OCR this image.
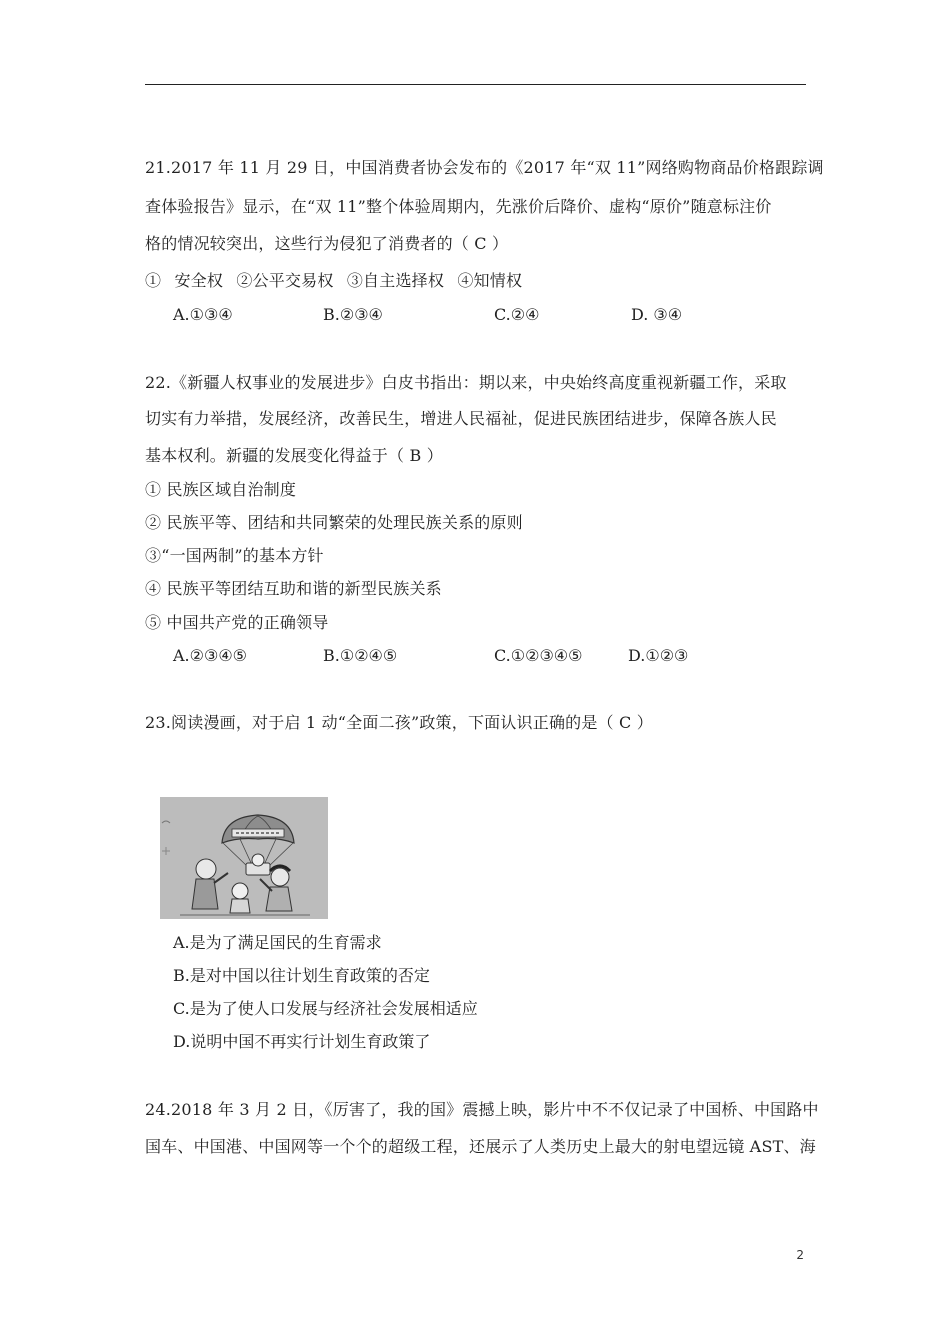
21.2017 年 11 月 29 日，中国消费者协会发布的《2017 年“双 11”网络购物商品价格跟踪调
查体验报告》显示，在“双 11”整个体验周期内，先涨价后降价、虚构“原价”随意标注价
格的情况较突出，这些行为侵犯了消费者的（ C ）
① 安全权 ②公平交易权 ③自主选择权 ④知情权
A.①③④	B.②③④	C.②④	D. ③④
22.《新疆人权事业的发展进步》白皮书指出：期以来，中央始终高度重视新疆工作，采取
切实有力举措，发展经济，改善民生，增进人民福祉，促进民族团结进步，保障各族人民
基本权利。新疆的发展变化得益于（ B ）
① 民族区域自治制度
② 民族平等、团结和共同繁荣的处理民族关系的原则
③“一国两制”的基本方针
④ 民族平等团结互助和谐的新型民族关系
⑤ 中国共产党的正确领导
A.②③④⑤	B.①②④⑤	C.①②③④⑤	D.①②③
23.阅读漫画，对于启 1 动“全面二孩”政策，下面认识正确的是（ C ）
A.是为了满足国民的生育需求
B.是对中国以往计划生育政策的否定
C.是为了使人口发展与经济社会发展相适应
D.说明中国不再实行计划生育政策了
24.2018 年 3 月 2 日，《厉害了，我的国》震撼上映，影片中不不仅记录了中国桥、中国路中
国车、中国港、中国网等一个个的超级工程，还展示了人类历史上最大的射电望远镜 AST、海
2
